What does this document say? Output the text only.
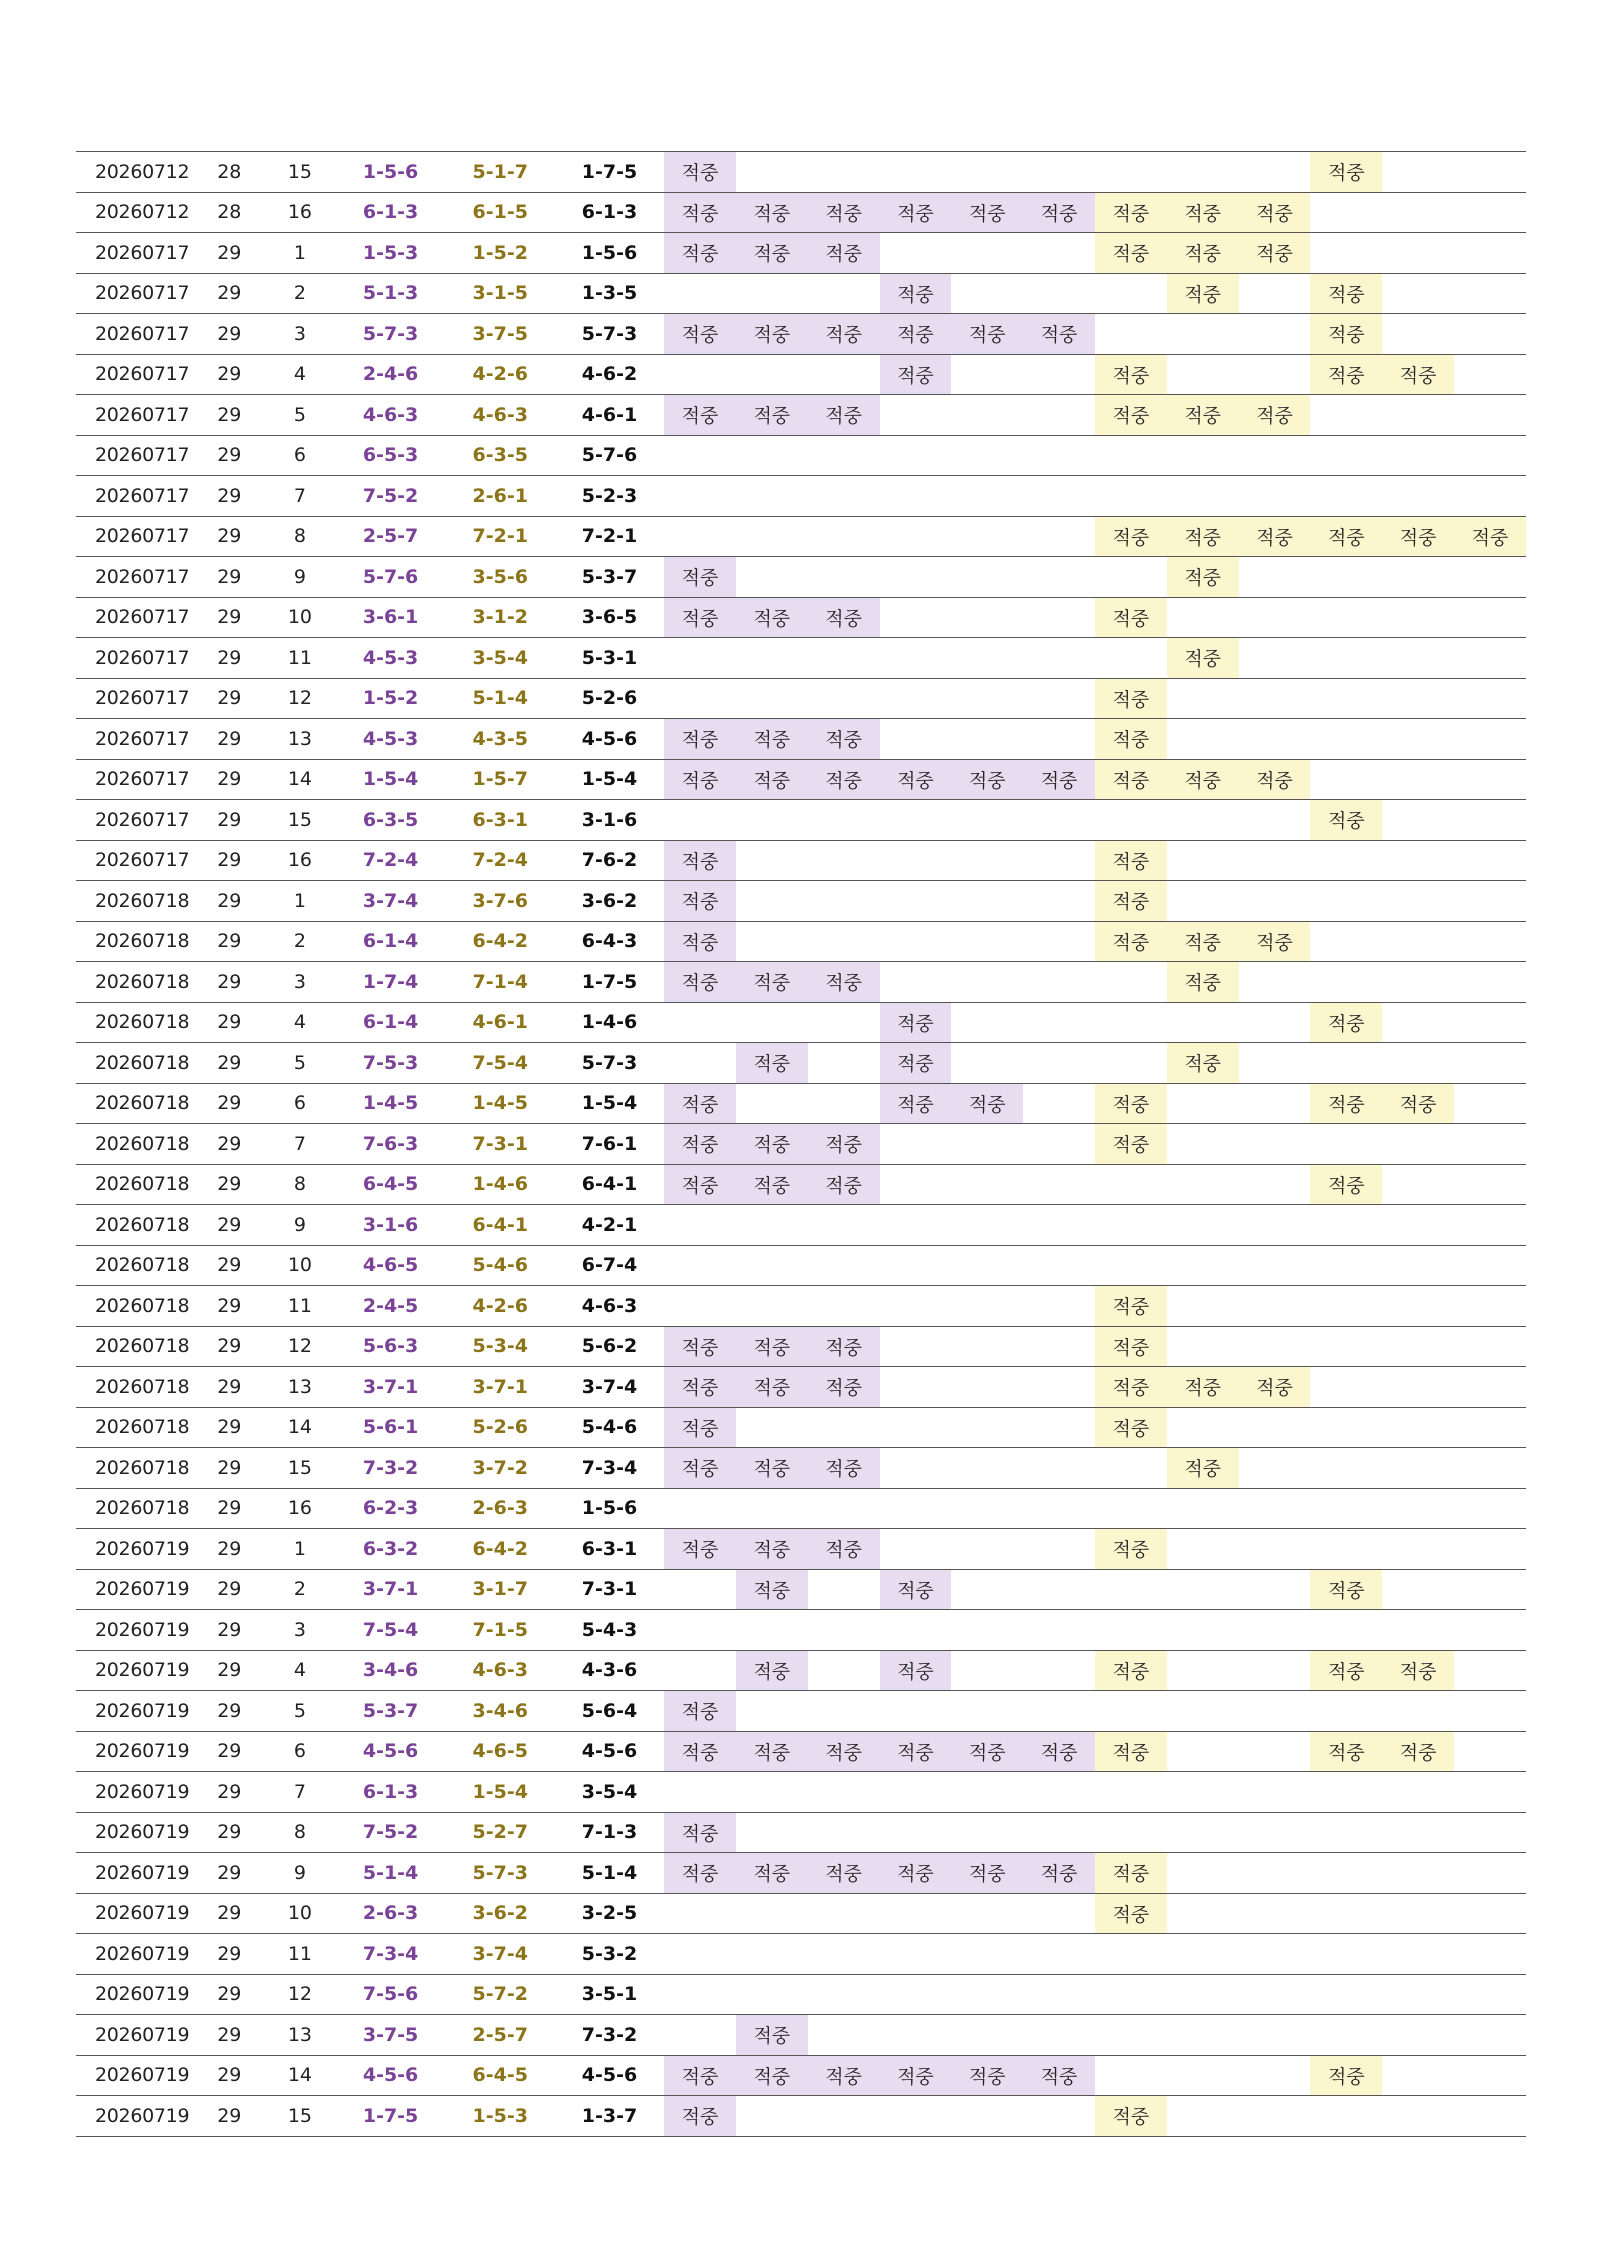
20260712	28	15	1-5-6	5-1-7	1-7-5	적중									적중		
20260712	28	16	6-1-3	6-1-5	6-1-3	적중	적중	적중	적중	적중	적중	적중	적중	적중			
20260717	29	1	1-5-3	1-5-2	1-5-6	적중	적중	적중				적중	적중	적중			
20260717	29	2	5-1-3	3-1-5	1-3-5				적중				적중		적중		
20260717	29	3	5-7-3	3-7-5	5-7-3	적중	적중	적중	적중	적중	적중				적중		
20260717	29	4	2-4-6	4-2-6	4-6-2				적중			적중			적중	적중	
20260717	29	5	4-6-3	4-6-3	4-6-1	적중	적중	적중				적중	적중	적중			
20260717	29	6	6-5-3	6-3-5	5-7-6												
20260717	29	7	7-5-2	2-6-1	5-2-3												
20260717	29	8	2-5-7	7-2-1	7-2-1							적중	적중	적중	적중	적중	적중
20260717	29	9	5-7-6	3-5-6	5-3-7	적중							적중				
20260717	29	10	3-6-1	3-1-2	3-6-5	적중	적중	적중				적중					
20260717	29	11	4-5-3	3-5-4	5-3-1								적중				
20260717	29	12	1-5-2	5-1-4	5-2-6							적중					
20260717	29	13	4-5-3	4-3-5	4-5-6	적중	적중	적중				적중					
20260717	29	14	1-5-4	1-5-7	1-5-4	적중	적중	적중	적중	적중	적중	적중	적중	적중			
20260717	29	15	6-3-5	6-3-1	3-1-6										적중		
20260717	29	16	7-2-4	7-2-4	7-6-2	적중						적중					
20260718	29	1	3-7-4	3-7-6	3-6-2	적중						적중					
20260718	29	2	6-1-4	6-4-2	6-4-3	적중						적중	적중	적중			
20260718	29	3	1-7-4	7-1-4	1-7-5	적중	적중	적중					적중				
20260718	29	4	6-1-4	4-6-1	1-4-6				적중						적중		
20260718	29	5	7-5-3	7-5-4	5-7-3		적중		적중				적중				
20260718	29	6	1-4-5	1-4-5	1-5-4	적중			적중	적중		적중			적중	적중	
20260718	29	7	7-6-3	7-3-1	7-6-1	적중	적중	적중				적중					
20260718	29	8	6-4-5	1-4-6	6-4-1	적중	적중	적중							적중		
20260718	29	9	3-1-6	6-4-1	4-2-1												
20260718	29	10	4-6-5	5-4-6	6-7-4												
20260718	29	11	2-4-5	4-2-6	4-6-3							적중					
20260718	29	12	5-6-3	5-3-4	5-6-2	적중	적중	적중				적중					
20260718	29	13	3-7-1	3-7-1	3-7-4	적중	적중	적중				적중	적중	적중			
20260718	29	14	5-6-1	5-2-6	5-4-6	적중						적중					
20260718	29	15	7-3-2	3-7-2	7-3-4	적중	적중	적중					적중				
20260718	29	16	6-2-3	2-6-3	1-5-6												
20260719	29	1	6-3-2	6-4-2	6-3-1	적중	적중	적중				적중					
20260719	29	2	3-7-1	3-1-7	7-3-1		적중		적중						적중		
20260719	29	3	7-5-4	7-1-5	5-4-3												
20260719	29	4	3-4-6	4-6-3	4-3-6		적중		적중			적중			적중	적중	
20260719	29	5	5-3-7	3-4-6	5-6-4	적중											
20260719	29	6	4-5-6	4-6-5	4-5-6	적중	적중	적중	적중	적중	적중	적중			적중	적중	
20260719	29	7	6-1-3	1-5-4	3-5-4												
20260719	29	8	7-5-2	5-2-7	7-1-3	적중											
20260719	29	9	5-1-4	5-7-3	5-1-4	적중	적중	적중	적중	적중	적중	적중					
20260719	29	10	2-6-3	3-6-2	3-2-5							적중					
20260719	29	11	7-3-4	3-7-4	5-3-2												
20260719	29	12	7-5-6	5-7-2	3-5-1												
20260719	29	13	3-7-5	2-5-7	7-3-2		적중										
20260719	29	14	4-5-6	6-4-5	4-5-6	적중	적중	적중	적중	적중	적중				적중		
20260719	29	15	1-7-5	1-5-3	1-3-7	적중						적중					
